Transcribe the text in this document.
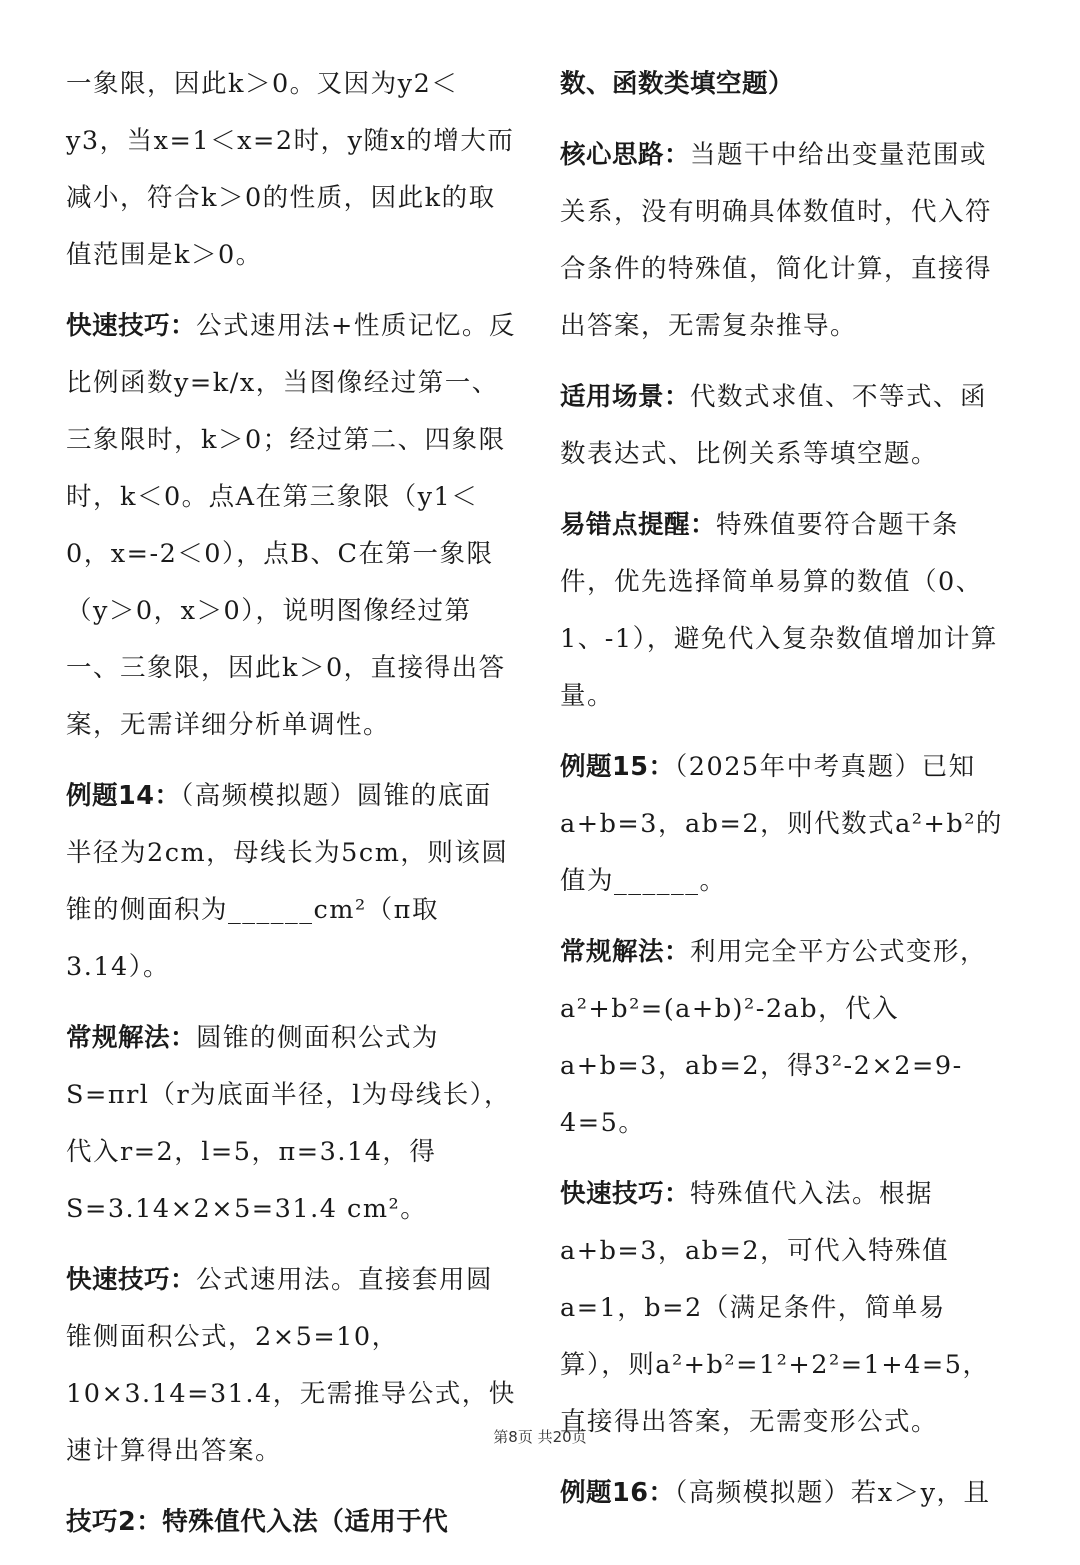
一象限，因此k＞0。又因为y2＜y3，当x=1＜x=2时，y随x的增大而减小，符合k＞0的性质，因此k的取值范围是k＞0。

快速技巧：公式速用法+性质记忆。反比例函数y=k/x，当图像经过第一、三象限时，k＞0；经过第二、四象限时，k＜0。点A在第三象限（y1＜0，x=-2＜0），点B、C在第一象限（y＞0，x＞0），说明图像经过第一、三象限，因此k＞0，直接得出答案，无需详细分析单调性。

例题14：（高频模拟题）圆锥的底面半径为2cm，母线长为5cm，则该圆锥的侧面积为______cm²（π取3.14）。

常规解法：圆锥的侧面积公式为S=πrl（r为底面半径，l为母线长），代入r=2，l=5，π=3.14，得S=3.14×2×5=31.4 cm²。

快速技巧：公式速用法。直接套用圆锥侧面积公式，2×5=10，10×3.14=31.4，无需推导公式，快速计算得出答案。

技巧2：特殊值代入法（适用于代

数、函数类填空题）

核心思路：当题干中给出变量范围或关系，没有明确具体数值时，代入符合条件的特殊值，简化计算，直接得出答案，无需复杂推导。

适用场景：代数式求值、不等式、函数表达式、比例关系等填空题。

易错点提醒：特殊值要符合题干条件，优先选择简单易算的数值（0、1、-1），避免代入复杂数值增加计算量。

例题15：（2025年中考真题）已知a+b=3，ab=2，则代数式a²+b²的值为______。

常规解法：利用完全平方公式变形，a²+b²=(a+b)²-2ab，代入a+b=3，ab=2，得3²-2×2=9-4=5。

快速技巧：特殊值代入法。根据a+b=3，ab=2，可代入特殊值a=1，b=2（满足条件，简单易算），则a²+b²=1²+2²=1+4=5，直接得出答案，无需变形公式。

例题16：（高频模拟题）若x＞y，且

第8页 共20页
